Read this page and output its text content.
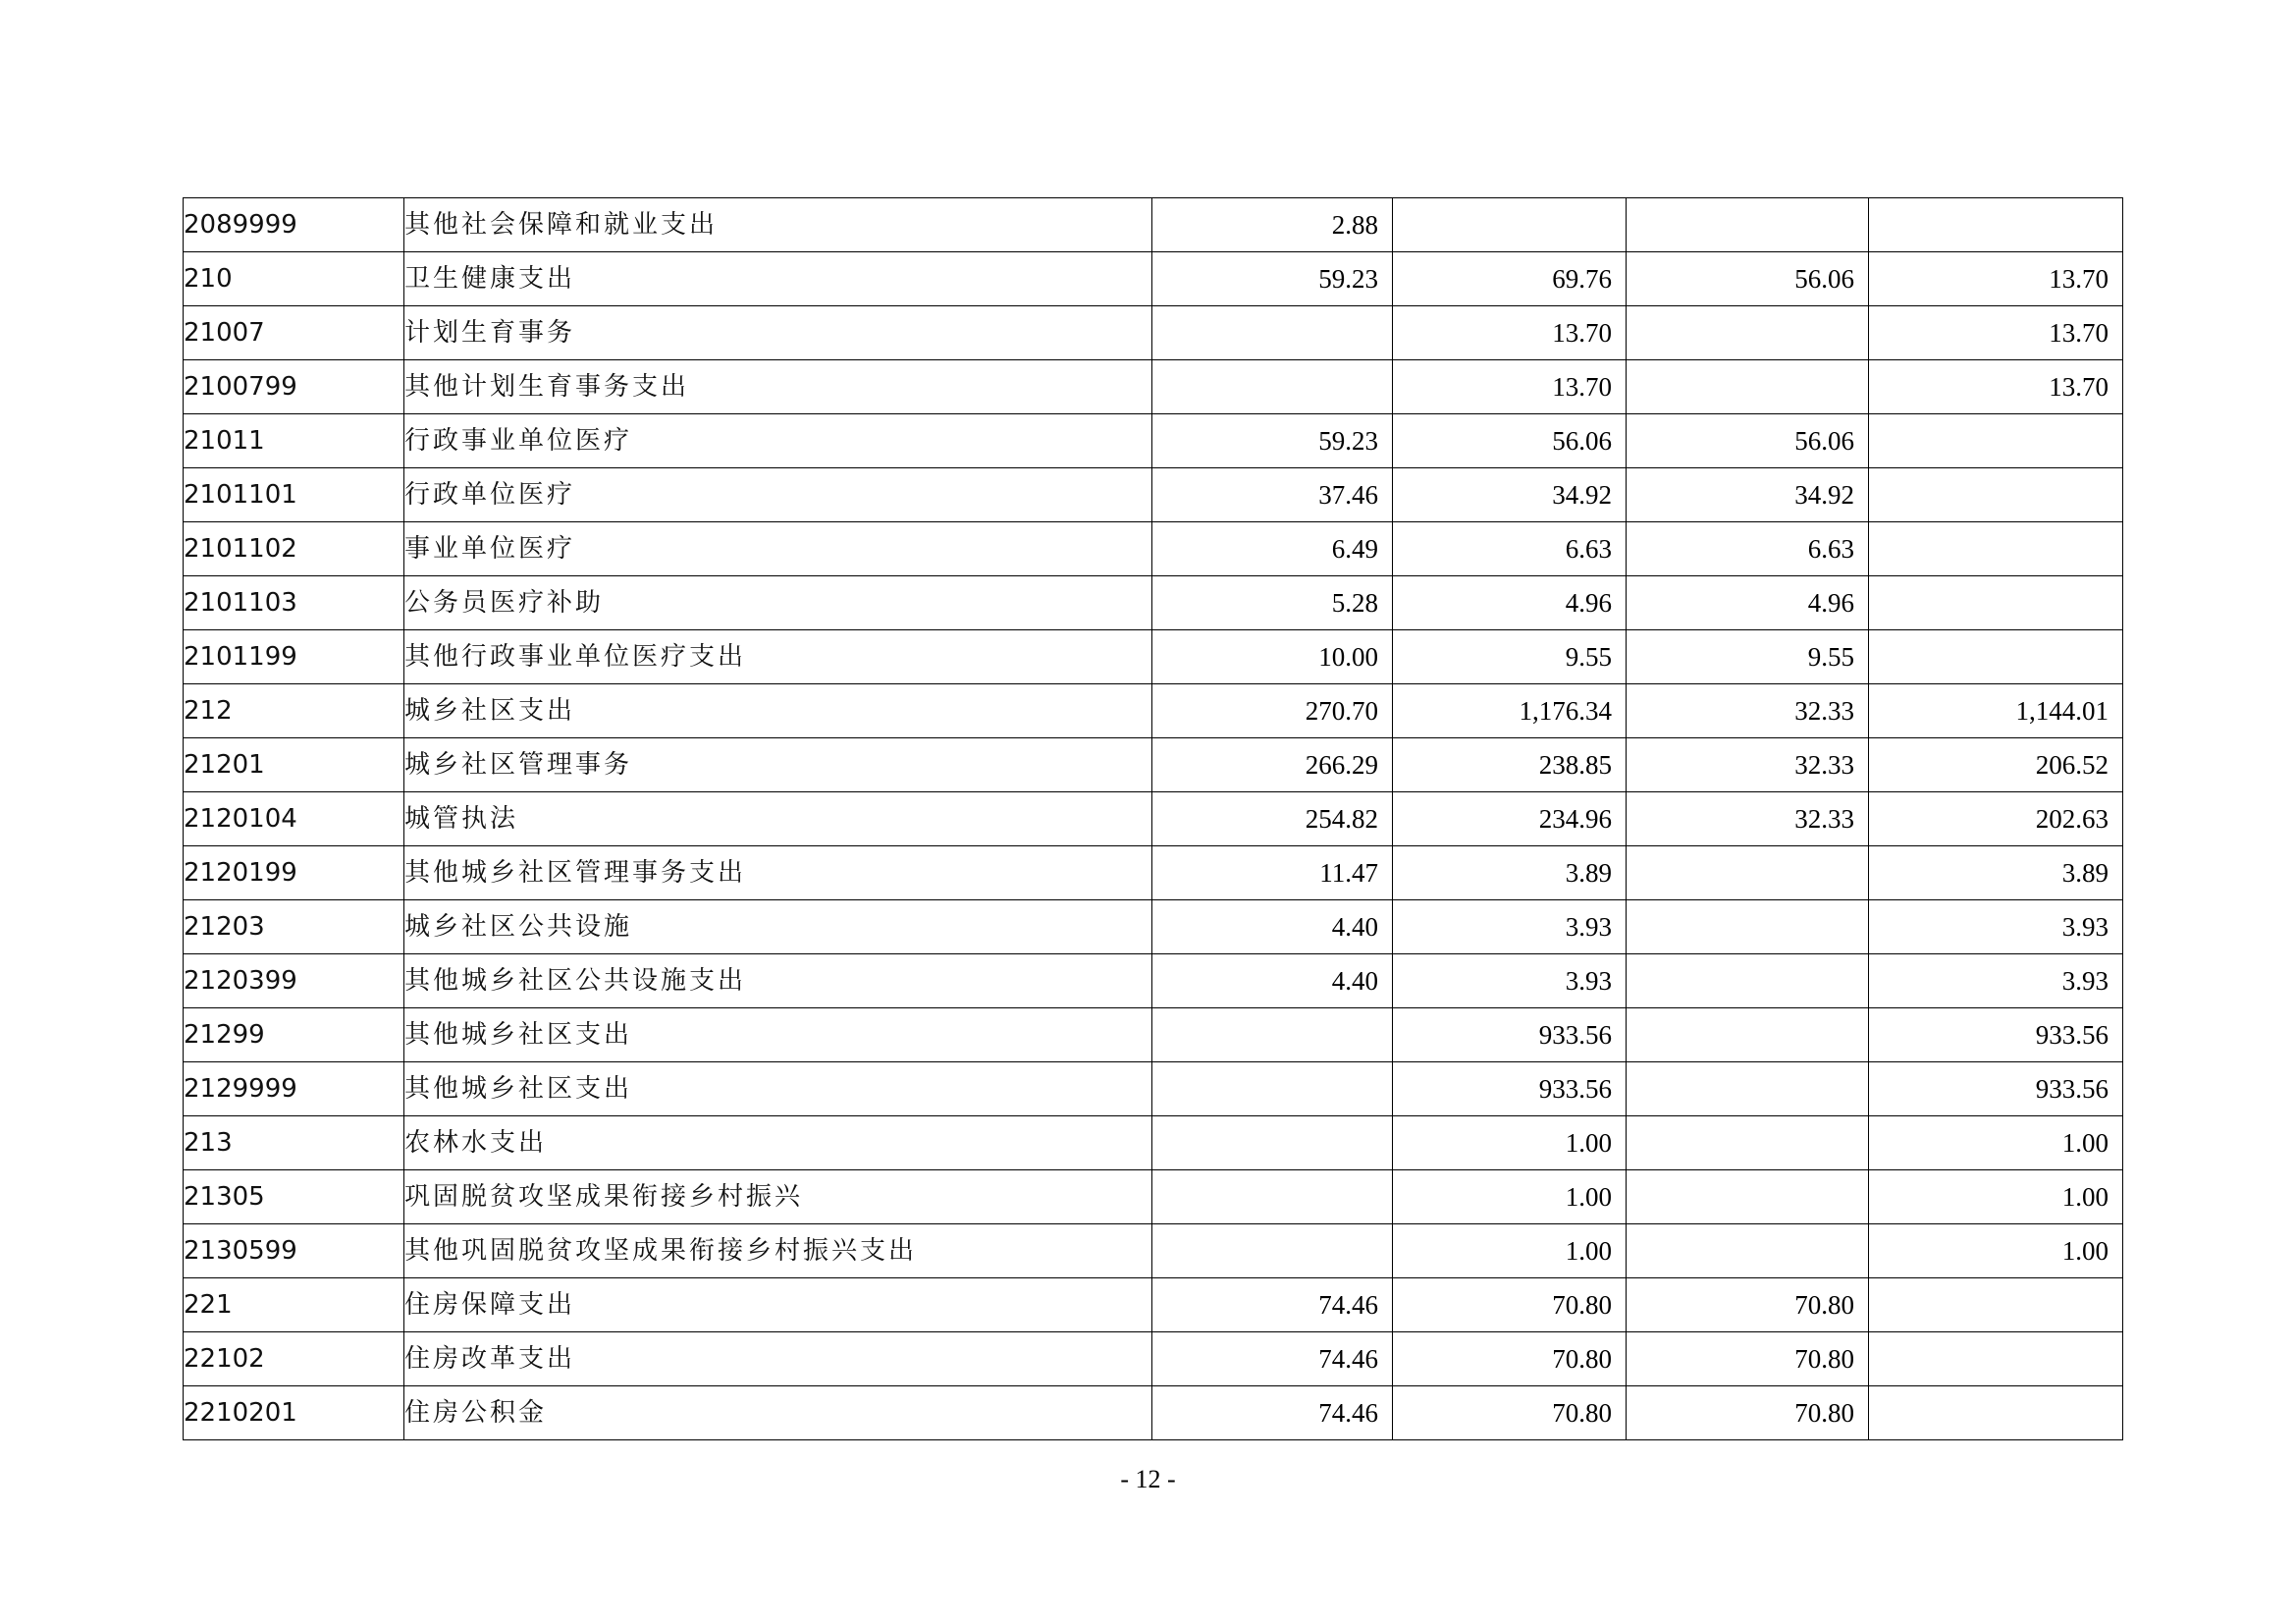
2089999	其他社会保障和就业支出	2.88			
210	卫生健康支出	59.23	69.76	56.06	13.70
21007	计划生育事务		13.70		13.70
2100799	其他计划生育事务支出		13.70		13.70
21011	行政事业单位医疗	59.23	56.06	56.06	
2101101	行政单位医疗	37.46	34.92	34.92	
2101102	事业单位医疗	6.49	6.63	6.63	
2101103	公务员医疗补助	5.28	4.96	4.96	
2101199	其他行政事业单位医疗支出	10.00	9.55	9.55	
212	城乡社区支出	270.70	1,176.34	32.33	1,144.01
21201	城乡社区管理事务	266.29	238.85	32.33	206.52
2120104	城管执法	254.82	234.96	32.33	202.63
2120199	其他城乡社区管理事务支出	11.47	3.89		3.89
21203	城乡社区公共设施	4.40	3.93		3.93
2120399	其他城乡社区公共设施支出	4.40	3.93		3.93
21299	其他城乡社区支出		933.56		933.56
2129999	其他城乡社区支出		933.56		933.56
213	农林水支出		1.00		1.00
21305	巩固脱贫攻坚成果衔接乡村振兴		1.00		1.00
2130599	其他巩固脱贫攻坚成果衔接乡村振兴支出		1.00		1.00
221	住房保障支出	74.46	70.80	70.80	
22102	住房改革支出	74.46	70.80	70.80	
2210201	住房公积金	74.46	70.80	70.80	
- 12 -
